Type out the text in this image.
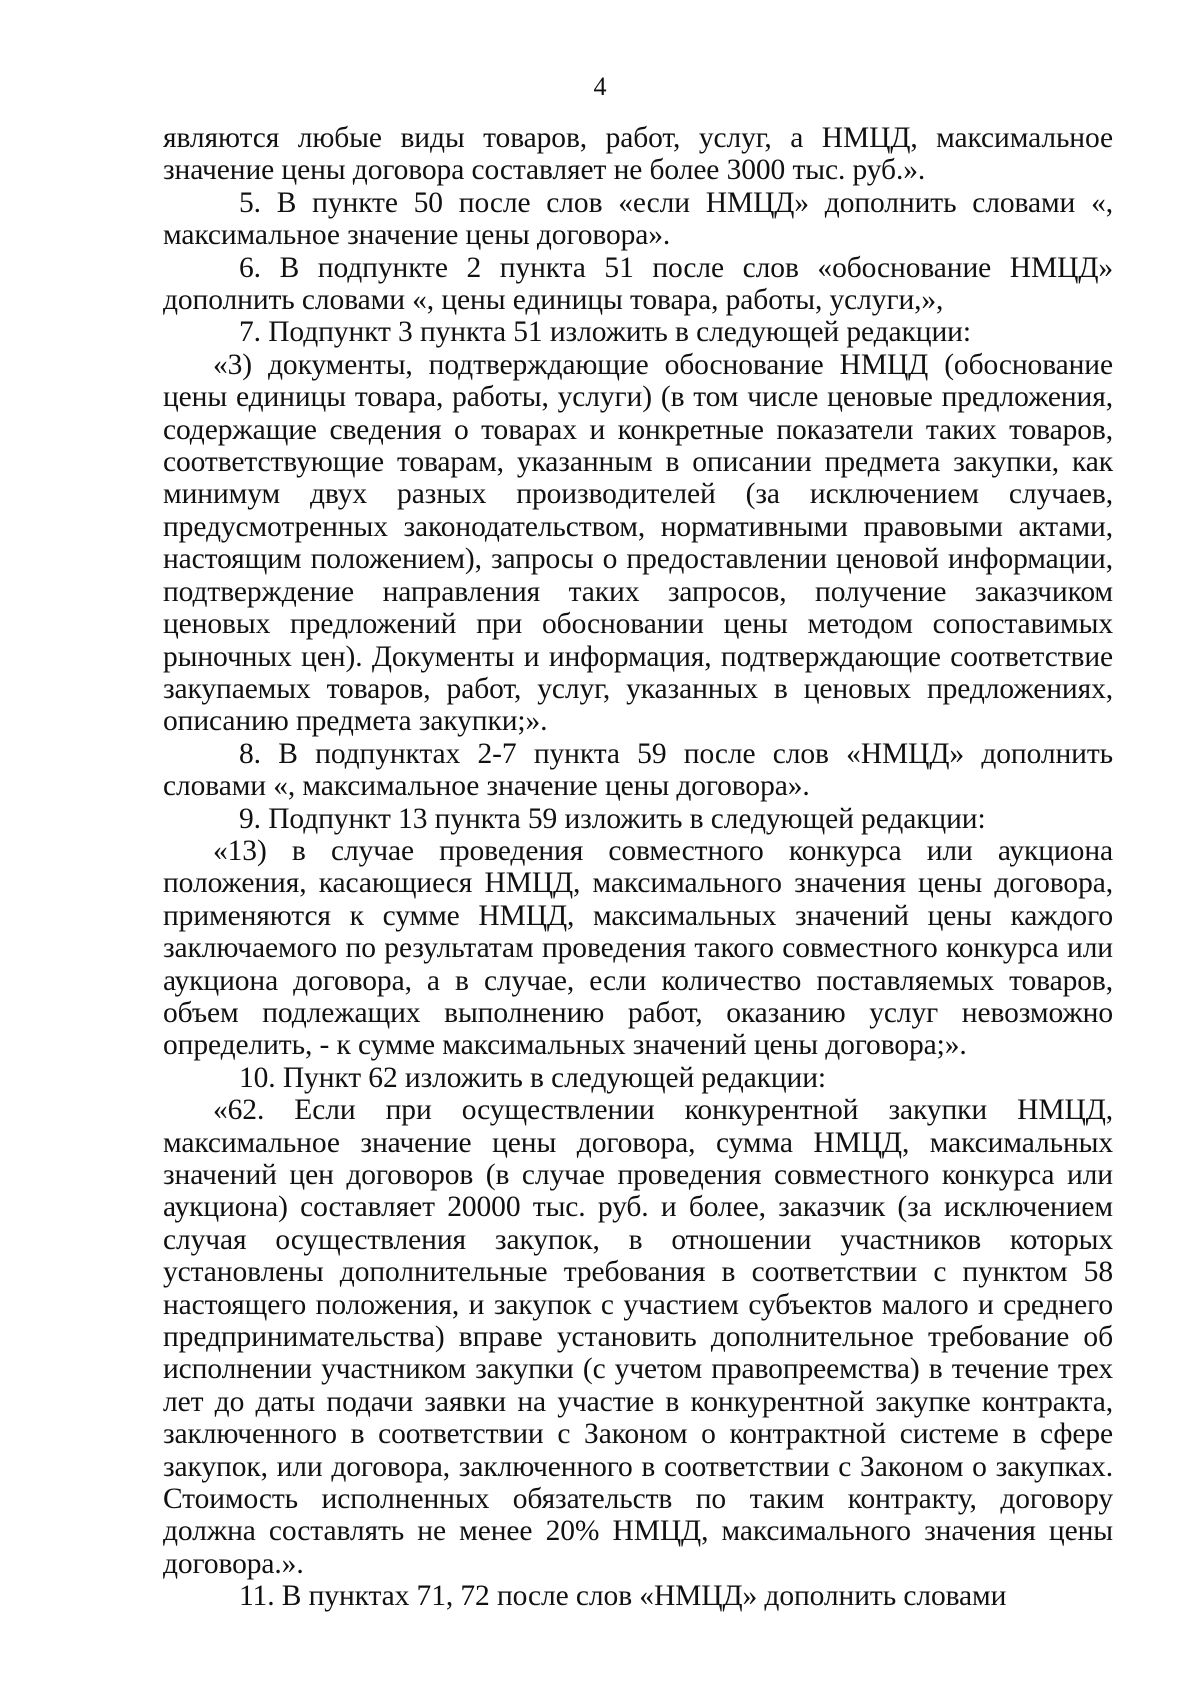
4

являются любые виды товаров, работ, услуг, а НМЦД, максимальное значение цены договора составляет не более 3000 тыс. руб.».

5. В пункте 50 после слов «если НМЦД» дополнить словами «, максимальное значение цены договора».

6. В подпункте 2 пункта 51 после слов «обоснование НМЦД» дополнить словами «, цены единицы товара, работы, услуги,»,

7. Подпункт 3 пункта 51 изложить в следующей редакции:

«3) документы, подтверждающие обоснование НМЦД (обоснование цены единицы товара, работы, услуги) (в том числе ценовые предложения, содержащие сведения о товарах и конкретные показатели таких товаров, соответствующие товарам, указанным в описании предмета закупки, как минимум двух разных производителей (за исключением случаев, предусмотренных законодательством, нормативными правовыми актами, настоящим положением), запросы о предоставлении ценовой информации, подтверждение направления таких запросов, получение заказчиком ценовых предложений при обосновании цены методом сопоставимых рыночных цен). Документы и информация, подтверждающие соответствие закупаемых товаров, работ, услуг, указанных в ценовых предложениях, описанию предмета закупки;».

8. В подпунктах 2-7 пункта 59 после слов «НМЦД» дополнить словами «, максимальное значение цены договора».

9. Подпункт 13 пункта 59 изложить в следующей редакции:

«13) в случае проведения совместного конкурса или аукциона положения, касающиеся НМЦД, максимального значения цены договора, применяются к сумме НМЦД, максимальных значений цены каждого заключаемого по результатам проведения такого совместного конкурса или аукциона договора, а в случае, если количество поставляемых товаров, объем подлежащих выполнению работ, оказанию услуг невозможно определить, - к сумме максимальных значений цены договора;».

10. Пункт 62 изложить в следующей редакции:

«62. Если при осуществлении конкурентной закупки НМЦД, максимальное значение цены договора, сумма НМЦД, максимальных значений цен договоров (в случае проведения совместного конкурса или аукциона) составляет 20000 тыс. руб. и более, заказчик (за исключением случая осуществления закупок, в отношении участников которых установлены дополнительные требования в соответствии с пунктом 58 настоящего положения, и закупок с участием субъектов малого и среднего предпринимательства) вправе установить дополнительное требование об исполнении участником закупки (с учетом правопреемства) в течение трех лет до даты подачи заявки на участие в конкурентной закупке контракта, заключенного в соответствии с Законом о контрактной системе в сфере закупок, или договора, заключенного в соответствии с Законом о закупках. Стоимость исполненных обязательств по таким контракту, договору должна составлять не менее 20% НМЦД, максимального значения цены договора.».

11. В пунктах 71, 72 после слов «НМЦД» дополнить словами
